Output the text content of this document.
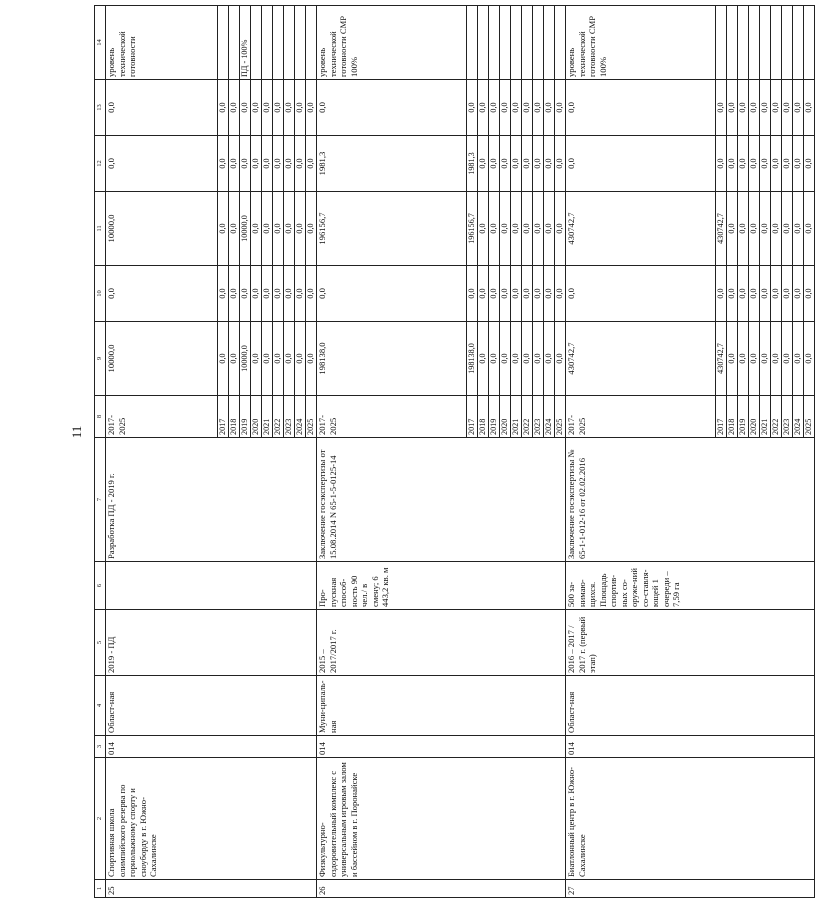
11
1	2	3	4	5	6	7	8	9	10	11	12	13	14
25	Спортивная школа олимпийского резерва по горнолыжному спорту и сноуборду в г. Южно-Сахалинске	014	Област-ная	2019 - ПД		Разработка ПД - 2019 г.	2017-2025	10000,0	0,0	10000,0	0,0	0,0	уровень технической готовности
							2017	0,0	0,0	0,0	0,0	0,0	
							2018	0,0	0,0	0,0	0,0	0,0	
							2019	10000,0	0,0	10000,0	0,0	0,0	ПД - 100%
							2020	0,0	0,0	0,0	0,0	0,0	
							2021	0,0	0,0	0,0	0,0	0,0	
							2022	0,0	0,0	0,0	0,0	0,0	
							2023	0,0	0,0	0,0	0,0	0,0	
							2024	0,0	0,0	0,0	0,0	0,0	
							2025	0,0	0,0	0,0	0,0	0,0	
26	Физкультурно-оздоровительный комплекс с универсальным игровым залом и бассейном в г. Поронайске	014	Муни-ципаль-ная	2015 – 2017/2017 г.	Про-пускная способ-ность 90 чел./ в смену; 6 443,2 кв. м	Заключение госэкспертизы от 15.08.2014 N 65-1-5-0125-14	2017-2025	198138,0	0,0	196156,7	1981,3	0,0	уровень технической готовности СМР 100%
							2017	198138,0	0,0	196156,7	1981,3	0,0	
							2018	0,0	0,0	0,0	0,0	0,0	
							2019	0,0	0,0	0,0	0,0	0,0	
							2020	0,0	0,0	0,0	0,0	0,0	
							2021	0,0	0,0	0,0	0,0	0,0	
							2022	0,0	0,0	0,0	0,0	0,0	
							2023	0,0	0,0	0,0	0,0	0,0	
							2024	0,0	0,0	0,0	0,0	0,0	
							2025	0,0	0,0	0,0	0,0	0,0	
27	Биатлонный центр в г. Южно-Сахалинске	014	Област-ная	2016 – 2017 / 2017 г. (первый этап)	500 за-нимаю-щихся. Площадь спортив-ных со-оруже-ний со-ставля-ющей 1 очереди – 7,59 га	Заключение госэкспертизы № 65-1-1-012-16 от 02.02.2016	2017-2025	430742,7	0,0	430742,7	0,0	0,0	уровень технической готовности СМР 100%
							2017	430742,7	0,0	430742,7	0,0	0,0	
							2018	0,0	0,0	0,0	0,0	0,0	
							2019	0,0	0,0	0,0	0,0	0,0	
							2020	0,0	0,0	0,0	0,0	0,0	
							2021	0,0	0,0	0,0	0,0	0,0	
							2022	0,0	0,0	0,0	0,0	0,0	
							2023	0,0	0,0	0,0	0,0	0,0	
							2024	0,0	0,0	0,0	0,0	0,0	
							2025	0,0	0,0	0,0	0,0	0,0	
